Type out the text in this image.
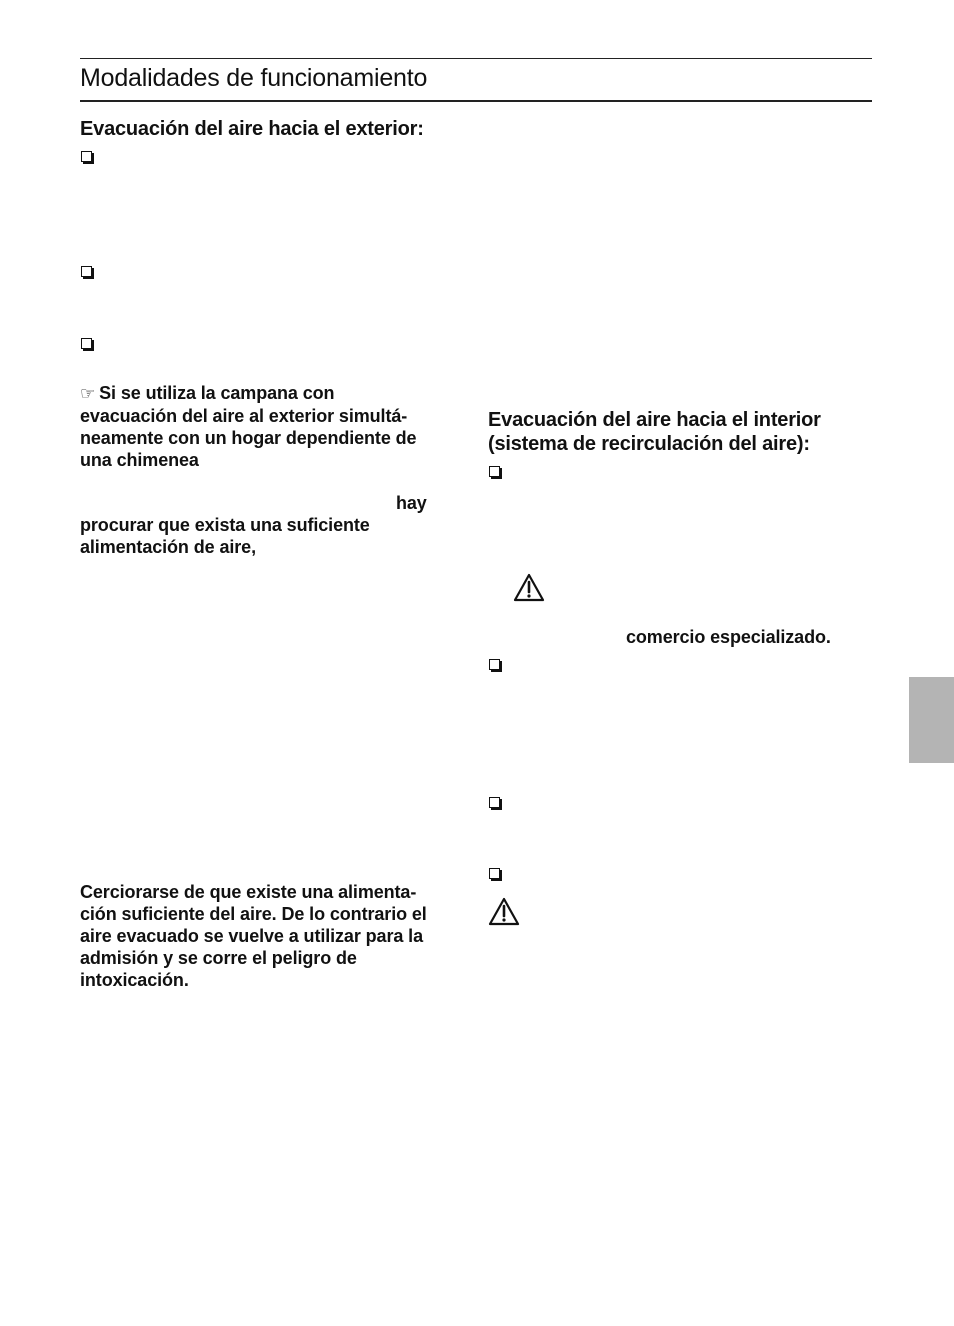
Modalidades de funcionamiento
Evacuación del aire hacia el exterior:

☞ Si se utiliza la campana con
evacuación del aire al exterior simultá-
neamente con un hogar dependiente de
una chimenea

hay

procurar que exista una suficiente
alimentación de aire,

Cerciorarse de que existe una alimenta-
ción suficiente del aire. De lo contrario el
aire evacuado se vuelve a utilizar para la
admisión y se corre el peligro de
intoxicación.

Evacuación del aire hacia el interior
(sistema de recirculación del aire):

comercio especializado.
